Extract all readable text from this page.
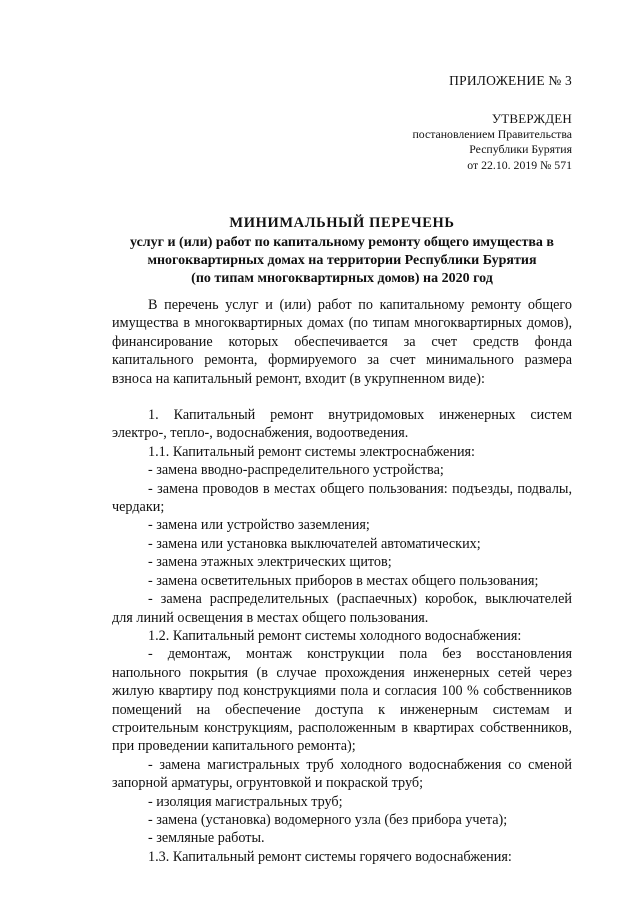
ПРИЛОЖЕНИЕ № 3
УТВЕРЖДЕН
постановлением Правительства
Республики Бурятия
от 22.10. 2019 № 571
МИНИМАЛЬНЫЙ ПЕРЕЧЕНЬ
услуг и (или) работ по капитальному ремонту общего имущества в
многоквартирных домах на территории Республики Бурятия
(по типам многоквартирных домов) на 2020 год

В перечень услуг и (или) работ по капитальному ремонту общего имущества в многоквартирных домах (по типам многоквартирных домов), финансирование которых обеспечивается за счет средств фонда капитального ремонта, формируемого за счет минимального размера взноса на капитальный ремонт, входит (в укрупненном виде):

1. Капитальный ремонт внутридомовых инженерных систем электро-, тепло-, водоснабжения, водоотведения.

1.1. Капитальный ремонт системы электроснабжения:

- замена вводно-распределительного устройства;

- замена проводов в местах общего пользования: подъезды, подвалы, чердаки;

- замена или устройство заземления;

- замена или установка выключателей автоматических;

- замена этажных электрических щитов;

- замена осветительных приборов в местах общего пользования;

- замена распределительных (распаечных) коробок, выключателей для линий освещения в местах общего пользования.

1.2. Капитальный ремонт системы холодного водоснабжения:

- демонтаж, монтаж конструкции пола без восстановления напольного покрытия (в случае прохождения инженерных сетей через жилую квартиру под конструкциями пола и согласия 100 % собственников помещений на обеспечение доступа к инженерным системам и строительным конструкциям, расположенным в квартирах собственников, при проведении капитального ремонта);

- замена магистральных труб холодного водоснабжения со сменой запорной арматуры, огрунтовкой и покраской труб;

- изоляция магистральных труб;

- замена (установка) водомерного узла (без прибора учета);

- земляные работы.

1.3. Капитальный ремонт системы горячего водоснабжения:
